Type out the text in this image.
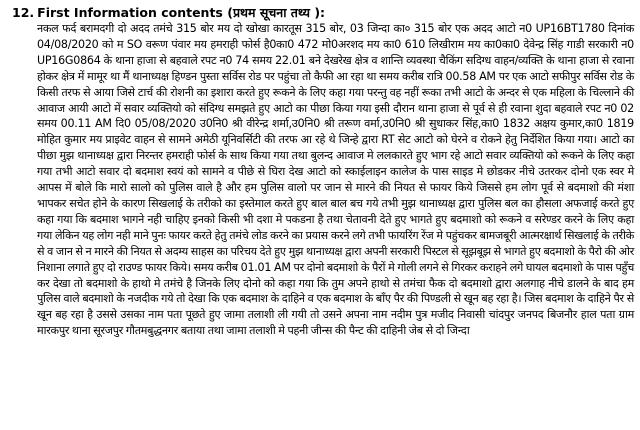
12. First Information contents (प्रथम सूचना तथ्य ):

नकल फर्द बरामदगी दो अदद तमंचे 315 बोर मय दो खोखा कारतूस 315 बोर, 03 जिन्दा का० 315 बोर एक अदद आटो न0 UP16BT1780 दिनांक 04/08/2020 को म SO वरूण पंवार मय हमराही फोर्स है0का0 472 मो0अरशद मय का0 610 लिखीराम मय का0का0 देवेन्द्र सिंह गाडी सरकारी न0 UP16G0864 के थाना हाजा से बहवाले रपट न0 74 समय 22.01 बने देखरेख क्षेत्र व शान्ति व्यवस्था चैकिंग सदिग्ध वाहन/व्यक्ति के थाना हाजा से रवाना होकर क्षेत्र में मामूर था मैं थानाध्यक्ष हिण्डन पुस्ता सर्विस रोड पर पहुंचा तो कैफी आ रहा था समय करीब रात्रि 00.58 AM पर एक आटो सफीपुर सर्विस रोड के किसी तरफ से आया जिसे टार्च की रोशनी का इशारा करते हुए रूकने के लिए कहा गया परन्तु वह नहीं रूका तभी आटो के अन्दर से एक महिला के चिल्लाने की आवाज आयी आटो में सवार व्यक्तियो को संदिग्ध समझते हुए आटो का पीछा किया गया इसी दौरान थाना हाजा से पूर्व से ही रवाना शुदा बहवाले रपट न0 02 समय 00.11 AM दि0 05/08/2020 उ0नि0 श्री वीरेन्द्र शर्मा,उ0नि0 श्री तरूण वर्मा,उ0नि0 श्री सुधाकर सिंह,का0 1832 अक्षय कुमार,का0 1819 मोहित कुमार मय प्राइवेट वाहन से सामने अमेठी यूनिवर्सिटी की तरफ आ रहे थे जिन्हे द्वारा RT सेट आटो को घेरने व रोकने हेतु निर्देशित किया गया। आटो का पीछा मुझ थानाध्यक्ष द्वारा निरन्तर हमराही फोर्स के साथ किया गया तथा बुलन्द आवाज मे ललकारते हुए भाग रहे आटो सवार व्यक्तियो को रूकने के लिए कहा गया तभी आटो सवार दो बदमाश स्वयं को सामने व पीछे से घिरा देख आटो को स्काईलाइन कालेज के पास साइड मे छोडकर नीचे उतरकर दोनो एक स्वर मे आपस में बोले कि मारो सालो को पुलिस वाले है और हम पुलिस वालो पर जान से मारने की नियत से फायर किये जिससे हम लोग पूर्व से बदमाशो की मंशा भापकर सचेत होने के कारण सिखलाई के तरीको का इस्तेमाल करते हुए बाल बाल बच गये तभी मुझ थानाध्यक्ष द्वारा पुलिस बल का हौसला अफजाई करते हुए कहा गया कि बदमाश भागने नही चाहिए इनको किसी भी दशा मे पकडना है तथा चेतावनी देते हुए भागते हुए बदमाशो को रूकने व सरेण्डर करने के लिए कहा गया लेकिन यह लोग नही माने पुनः फायर करते हेतु तमंचे लोड करने का प्रयास करने लगे तभी फायरिंग रेंज मे पहुंचकर बामजबूरी आत्मरक्षार्थ सिखलाई के तरीके से व जान से न मारने की नियत से अदम्य साहस का परिचय देते हुए मुझ थानाध्यक्ष द्वारा अपनी सरकारी पिस्टल से सूझबूझ से भागते हुए बदमाशो के पैरो की ओर निशाना लगाते हुए दो राउण्ड फायर किये। समय करीब 01.01 AM पर दोनो बदमाशो के पैरों मे गोली लगने से गिरकर कराहने लगे घायल बदमाशो के पास पहुँच कर देखा तो बदमाशो के हाथो मे तमंचे है जिनके लिए दोनो को कहा गया कि तुम अपने हाथो से तमंचा फैक दो बदमाशो द्वारा अलगाह नीचे डालने के बाद हम पुलिस वाले बदमाशो के नजदीक गये तो देखा कि एक बदमाश के दाहिने व एक बदमाश के बाँए पैर की पिण्डली से खून बह रहा है। जिस बदमाश के दाहिने पैर से खून बह रहा है उससे उसका नाम पता पूछते हुए जामा तलाशी ली गयी तो उसने अपना नाम नदीम पुत्र मजीद निवासी चांदपुर जनपद बिजनौर हाल पता ग्राम मारकपुर थाना सूरजपुर गौतमबुद्धनगर बताया तथा जामा तलाशी मे पहनी जीन्स की पैन्ट की दाहिनी जेब से दो जिन्दा
